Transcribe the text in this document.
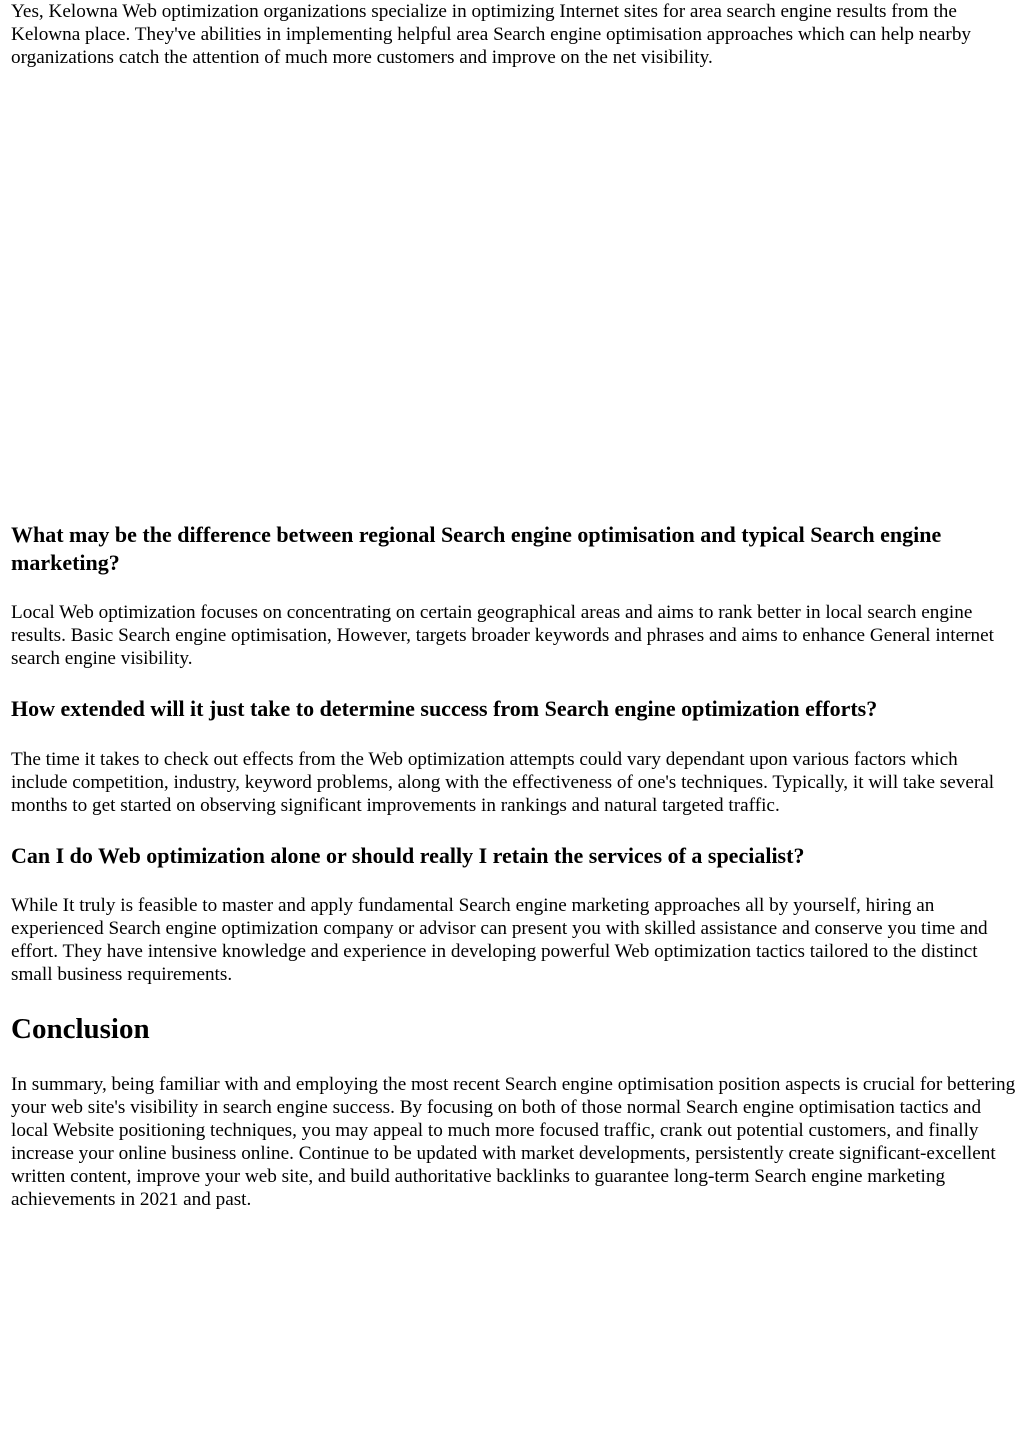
Yes, Kelowna Web optimization organizations specialize in optimizing Internet sites for area search engine results from the Kelowna place. They've abilities in implementing helpful area Search engine optimisation approaches which can help nearby organizations catch the attention of much more customers and improve on the net visibility.

What may be the difference between regional Search engine optimisation and typical Search engine marketing?

Local Web optimization focuses on concentrating on certain geographical areas and aims to rank better in local search engine results. Basic Search engine optimisation, However, targets broader keywords and phrases and aims to enhance General internet search engine visibility.

How extended will it just take to determine success from Search engine optimization efforts?

The time it takes to check out effects from the Web optimization attempts could vary dependant upon various factors which include competition, industry, keyword problems, along with the effectiveness of one's techniques. Typically, it will take several months to get started on observing significant improvements in rankings and natural targeted traffic.

Can I do Web optimization alone or should really I retain the services of a specialist?

While It truly is feasible to master and apply fundamental Search engine marketing approaches all by yourself, hiring an experienced Search engine optimization company or advisor can present you with skilled assistance and conserve you time and effort. They have intensive knowledge and experience in developing powerful Web optimization tactics tailored to the distinct small business requirements.

Conclusion

In summary, being familiar with and employing the most recent Search engine optimisation position aspects is crucial for bettering your web site's visibility in search engine success. By focusing on both of those normal Search engine optimisation tactics and local Website positioning techniques, you may appeal to much more focused traffic, crank out potential customers, and finally increase your online business online. Continue to be updated with market developments, persistently create significant-excellent written content, improve your web site, and build authoritative backlinks to guarantee long-term Search engine marketing achievements in 2021 and past.
